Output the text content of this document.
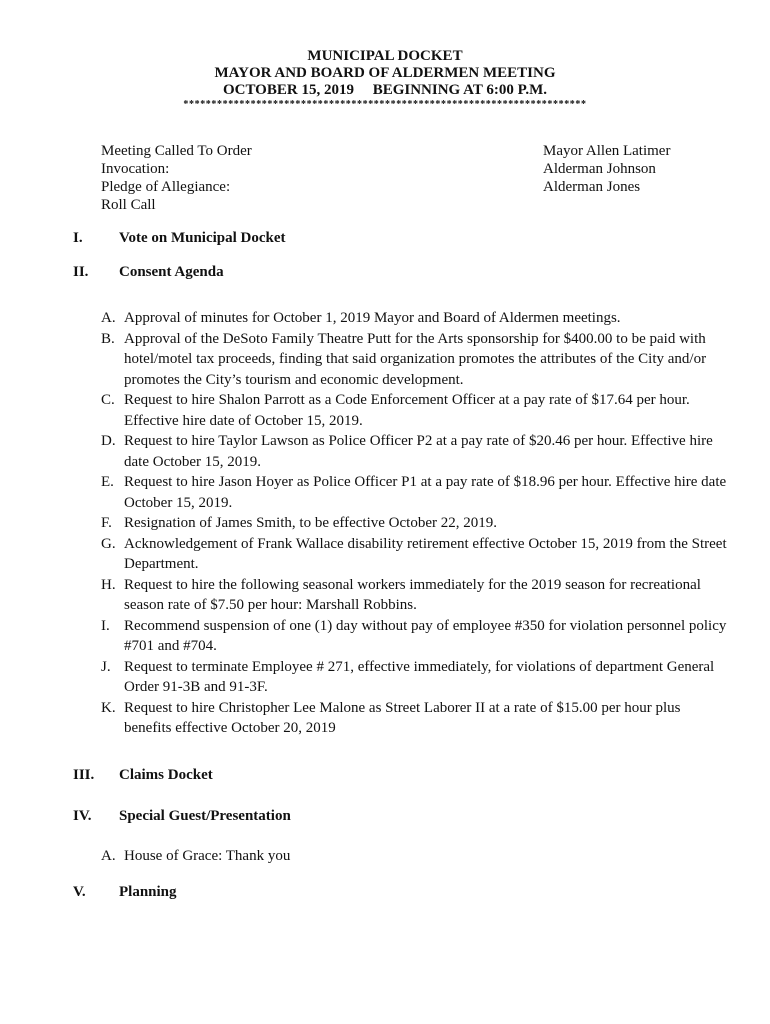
MUNICIPAL DOCKET
MAYOR AND BOARD OF ALDERMEN MEETING
OCTOBER 15, 2019     BEGINNING AT 6:00 P.M.
************************************************************************
Meeting Called To Order
Invocation:
Pledge of Allegiance:
Roll Call
Mayor Allen Latimer
Alderman Johnson
Alderman Jones
I. Vote on Municipal Docket
II. Consent Agenda
A. Approval of minutes for October 1, 2019 Mayor and Board of Aldermen meetings.
B. Approval of the DeSoto Family Theatre Putt for the Arts sponsorship for $400.00 to be paid with hotel/motel tax proceeds, finding that said organization promotes the attributes of the City and/or promotes the City’s tourism and economic development.
C. Request to hire Shalon Parrott as a Code Enforcement Officer at a pay rate of $17.64 per hour. Effective hire date of October 15, 2019.
D. Request to hire Taylor Lawson as Police Officer P2 at a pay rate of $20.46 per hour. Effective hire date October 15, 2019.
E. Request to hire Jason Hoyer as Police Officer P1 at a pay rate of $18.96 per hour. Effective hire date October 15, 2019.
F. Resignation of James Smith, to be effective October 22, 2019.
G. Acknowledgement of Frank Wallace disability retirement effective October 15, 2019 from the Street Department.
H. Request to hire the following seasonal workers immediately for the 2019 season for recreational season rate of $7.50 per hour: Marshall Robbins.
I. Recommend suspension of one (1) day without pay of employee #350 for violation personnel policy #701 and #704.
J. Request to terminate Employee # 271, effective immediately, for violations of department General Order 91-3B and 91-3F.
K. Request to hire Christopher Lee Malone as Street Laborer II at a rate of $15.00 per hour plus benefits effective October 20, 2019
III. Claims Docket
IV. Special Guest/Presentation
A. House of Grace: Thank you
V. Planning
